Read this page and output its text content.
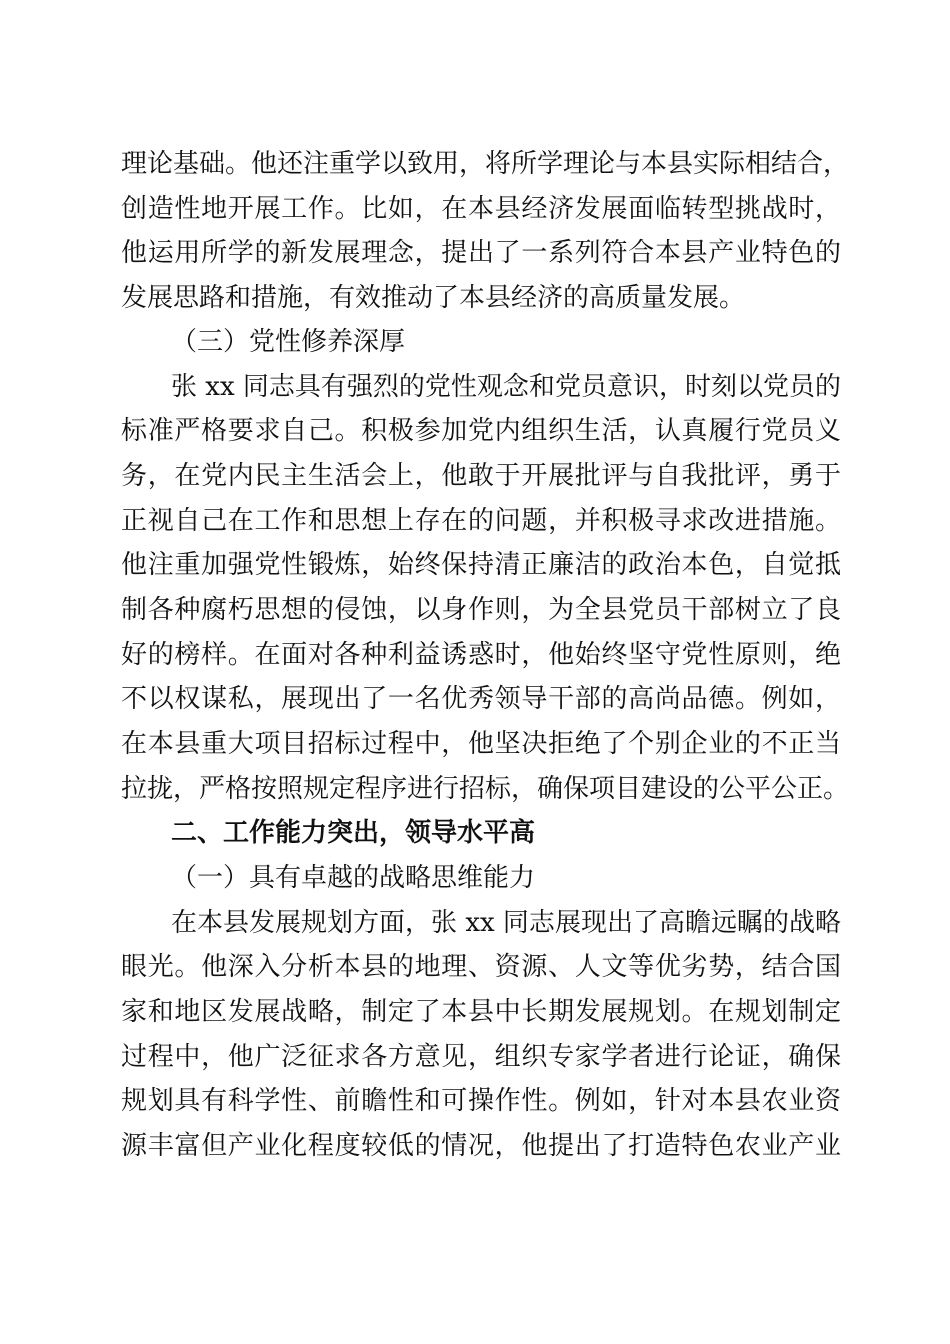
理论基础。他还注重学以致用，将所学理论与本县实际相结合，
创造性地开展工作。比如，在本县经济发展面临转型挑战时，
他运用所学的新发展理念，提出了一系列符合本县产业特色的
发展思路和措施，有效推动了本县经济的高质量发展。
（三）党性修养深厚
张 xx 同志具有强烈的党性观念和党员意识，时刻以党员的
标准严格要求自己。积极参加党内组织生活，认真履行党员义
务，在党内民主生活会上，他敢于开展批评与自我批评，勇于
正视自己在工作和思想上存在的问题，并积极寻求改进措施。
他注重加强党性锻炼，始终保持清正廉洁的政治本色，自觉抵
制各种腐朽思想的侵蚀，以身作则，为全县党员干部树立了良
好的榜样。在面对各种利益诱惑时，他始终坚守党性原则，绝
不以权谋私，展现出了一名优秀领导干部的高尚品德。例如，
在本县重大项目招标过程中，他坚决拒绝了个别企业的不正当
拉拢，严格按照规定程序进行招标，确保项目建设的公平公正。
二、工作能力突出，领导水平高
（一）具有卓越的战略思维能力
在本县发展规划方面，张 xx 同志展现出了高瞻远瞩的战略
眼光。他深入分析本县的地理、资源、人文等优劣势，结合国
家和地区发展战略，制定了本县中长期发展规划。在规划制定
过程中，他广泛征求各方意见，组织专家学者进行论证，确保
规划具有科学性、前瞻性和可操作性。例如，针对本县农业资
源丰富但产业化程度较低的情况，他提出了打造特色农业产业
